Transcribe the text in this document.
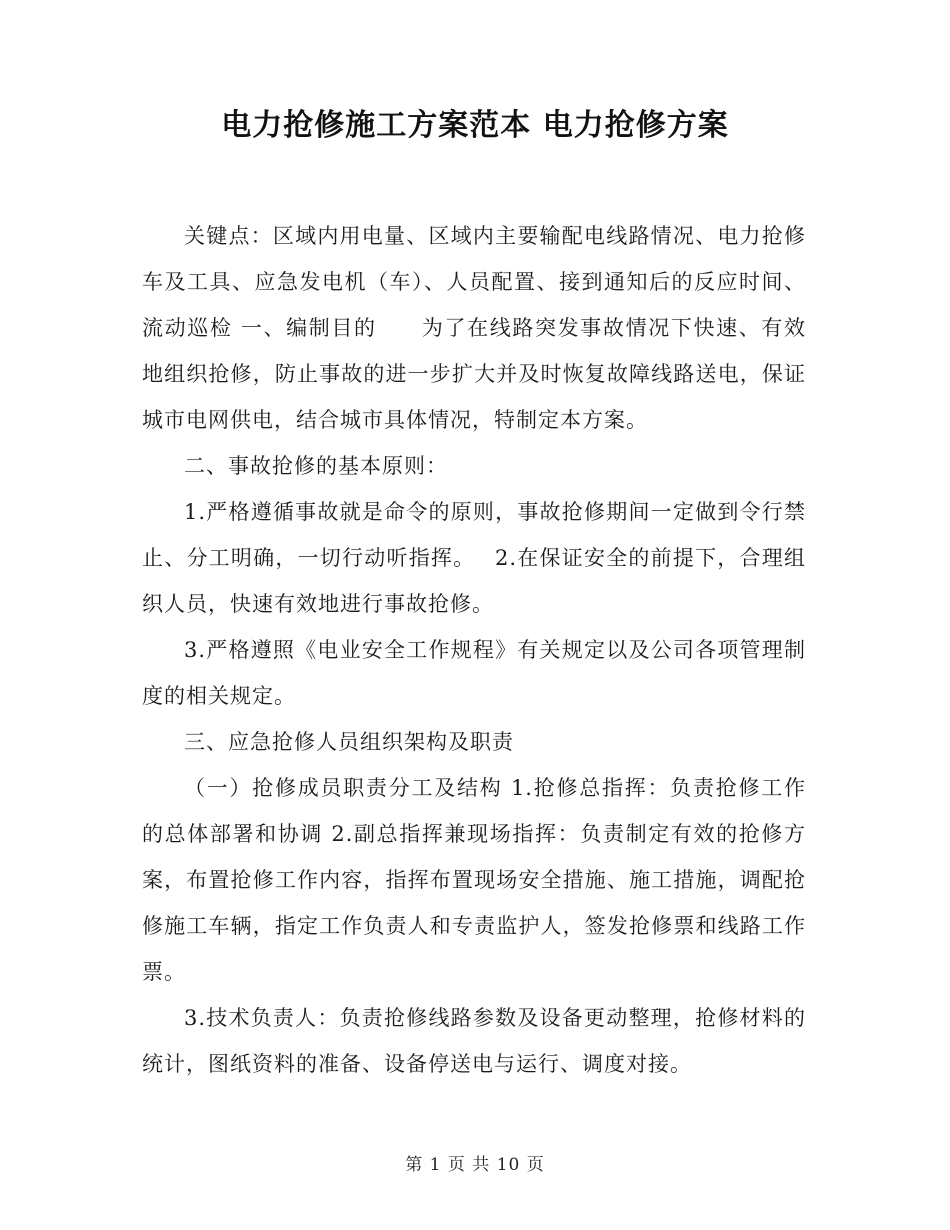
电力抢修施工方案范本 电力抢修方案

关键点：区域内用电量、区域内主要输配电线路情况、电力抢修车及工具、应急发电机（车）、人员配置、接到通知后的反应时间、流动巡检 一、编制目的　　为了在线路突发事故情况下快速、有效地组织抢修，防止事故的进一步扩大并及时恢复故障线路送电，保证城市电网供电，结合城市具体情况，特制定本方案。

二、事故抢修的基本原则：

1.严格遵循事故就是命令的原则，事故抢修期间一定做到令行禁止、分工明确，一切行动听指挥。　 2.在保证安全的前提下，合理组织人员，快速有效地进行事故抢修。

3.严格遵照《电业安全工作规程》有关规定以及公司各项管理制度的相关规定。

三、应急抢修人员组织架构及职责

（一）抢修成员职责分工及结构 1.抢修总指挥：负责抢修工作的总体部署和协调 2.副总指挥兼现场指挥：负责制定有效的抢修方案，布置抢修工作内容，指挥布置现场安全措施、施工措施，调配抢修施工车辆，指定工作负责人和专责监护人，签发抢修票和线路工作票。

3.技术负责人：负责抢修线路参数及设备更动整理，抢修材料的统计，图纸资料的准备、设备停送电与运行、调度对接。

第 1 页 共 10 页
